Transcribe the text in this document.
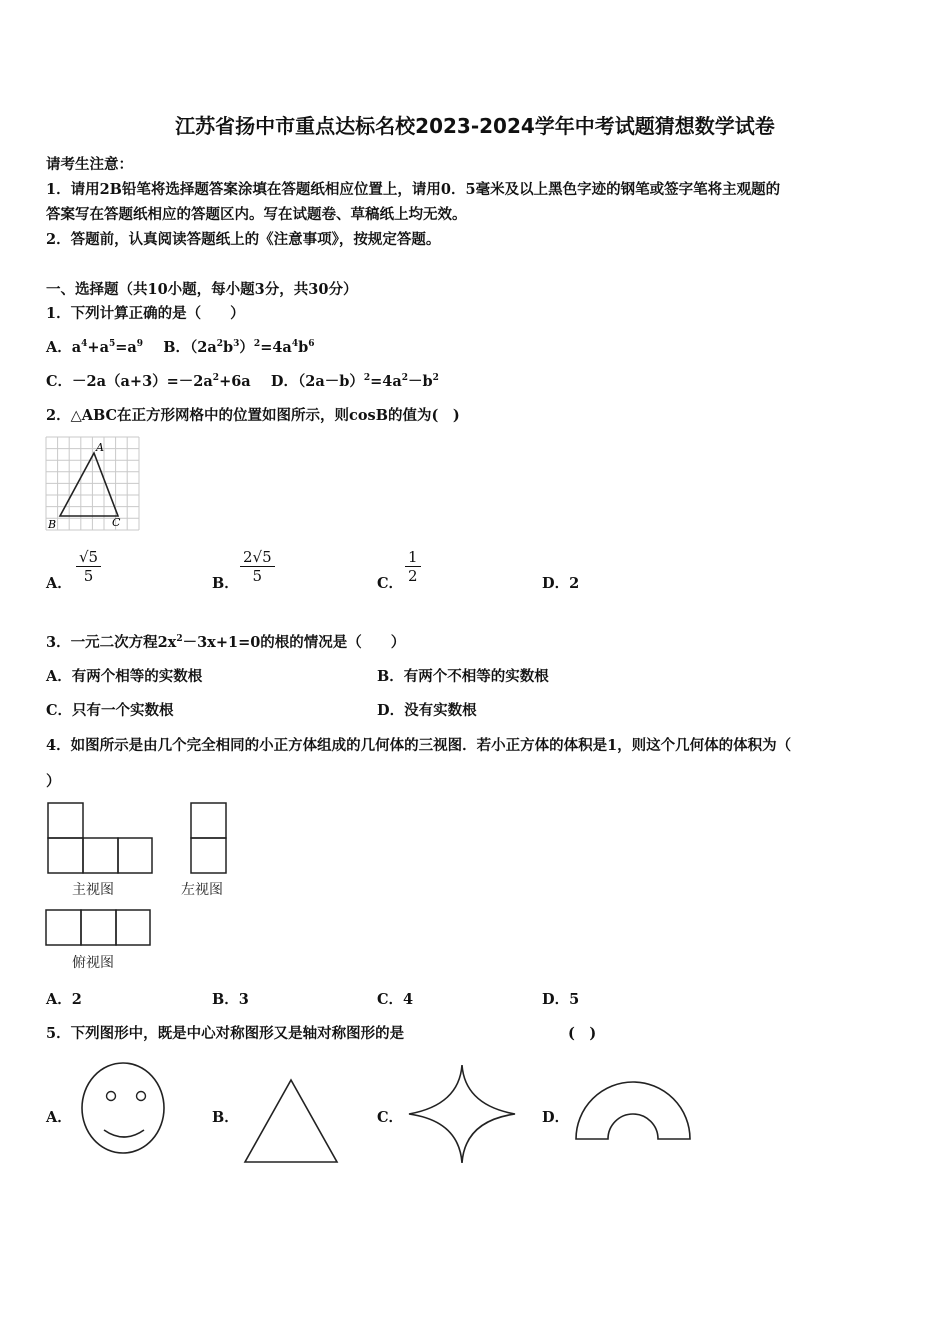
江苏省扬中市重点达标名校2023-2024学年中考试题猜想数学试卷
请考生注意：
1．请用2B铅笔将选择题答案涂填在答题纸相应位置上，请用0．5毫米及以上黑色字迹的钢笔或签字笔将主观题的
答案写在答题纸相应的答题区内。写在试题卷、草稿纸上均无效。
2．答题前，认真阅读答题纸上的《注意事项》，按规定答题。
一、选择题（共10小题，每小题3分，共30分）
1．下列计算正确的是（　　）
A．$a^4+a^5=a^9$ B．$(2a^2b^3)^2=4a^4b^6$
C．$-2a(a+3)=-2a^2+6a$ D．$(2a-b)^2=4a^2-b^2$
2．△ABC在正方形网格中的位置如图所示，则cosB的值为(　)
A
B	C
A．
√5
5	B．
2√5
5	C．
1
2	D．2
3．一元二次方程$2x^2-3x+1=0$的根的情况是（　　）
A．有两个相等的实数根	B．有两个不相等的实数根
C．只有一个实数根	D．没有实数根
4．如图所示是由几个完全相同的小正方体组成的几何体的三视图．若小正方体的体积是1，则这个几何体的体积为（
）
主视图	左视图
俯视图
A．2	B．3	C．4	D．5
5．下列图形中，既是中心对称图形又是轴对称图形的是	(　)
A．	B．	C．	D．
